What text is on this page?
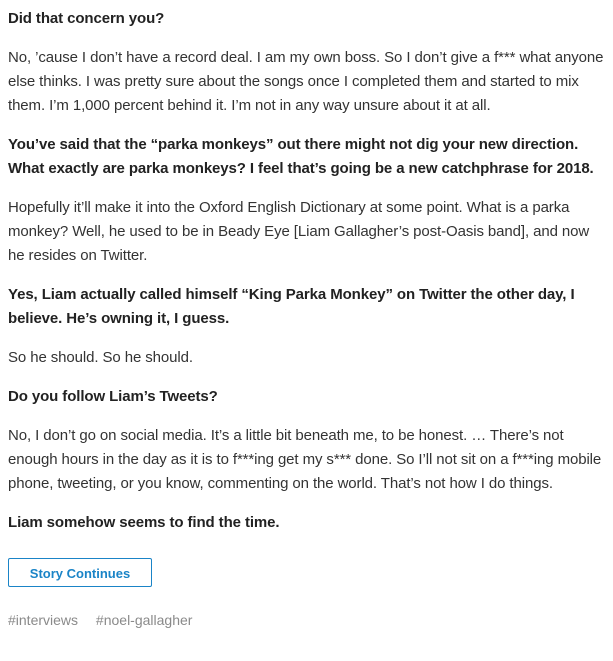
Did that concern you?

No, ’cause I don’t have a record deal. I am my own boss. So I don’t give a f*** what anyone else thinks. I was pretty sure about the songs once I completed them and started to mix them. I’m 1,000 percent behind it. I’m not in any way unsure about it at all.

You’ve said that the “parka monkeys” out there might not dig your new direction. What exactly are parka monkeys? I feel that’s going be a new catchphrase for 2018.

Hopefully it’ll make it into the Oxford English Dictionary at some point. What is a parka monkey? Well, he used to be in Beady Eye [Liam Gallagher’s post-Oasis band], and now he resides on Twitter.

Yes, Liam actually called himself “King Parka Monkey” on Twitter the other day, I believe. He’s owning it, I guess.

So he should. So he should.

Do you follow Liam’s Tweets?

No, I don’t go on social media. It’s a little bit beneath me, to be honest. … There’s not enough hours in the day as it is to f***ing get my s*** done. So I’ll not sit on a f***ing mobile phone, tweeting, or you know, commenting on the world. That’s not how I do things.

Liam somehow seems to find the time.

Story Continues
#interviews #noel-gallagher
